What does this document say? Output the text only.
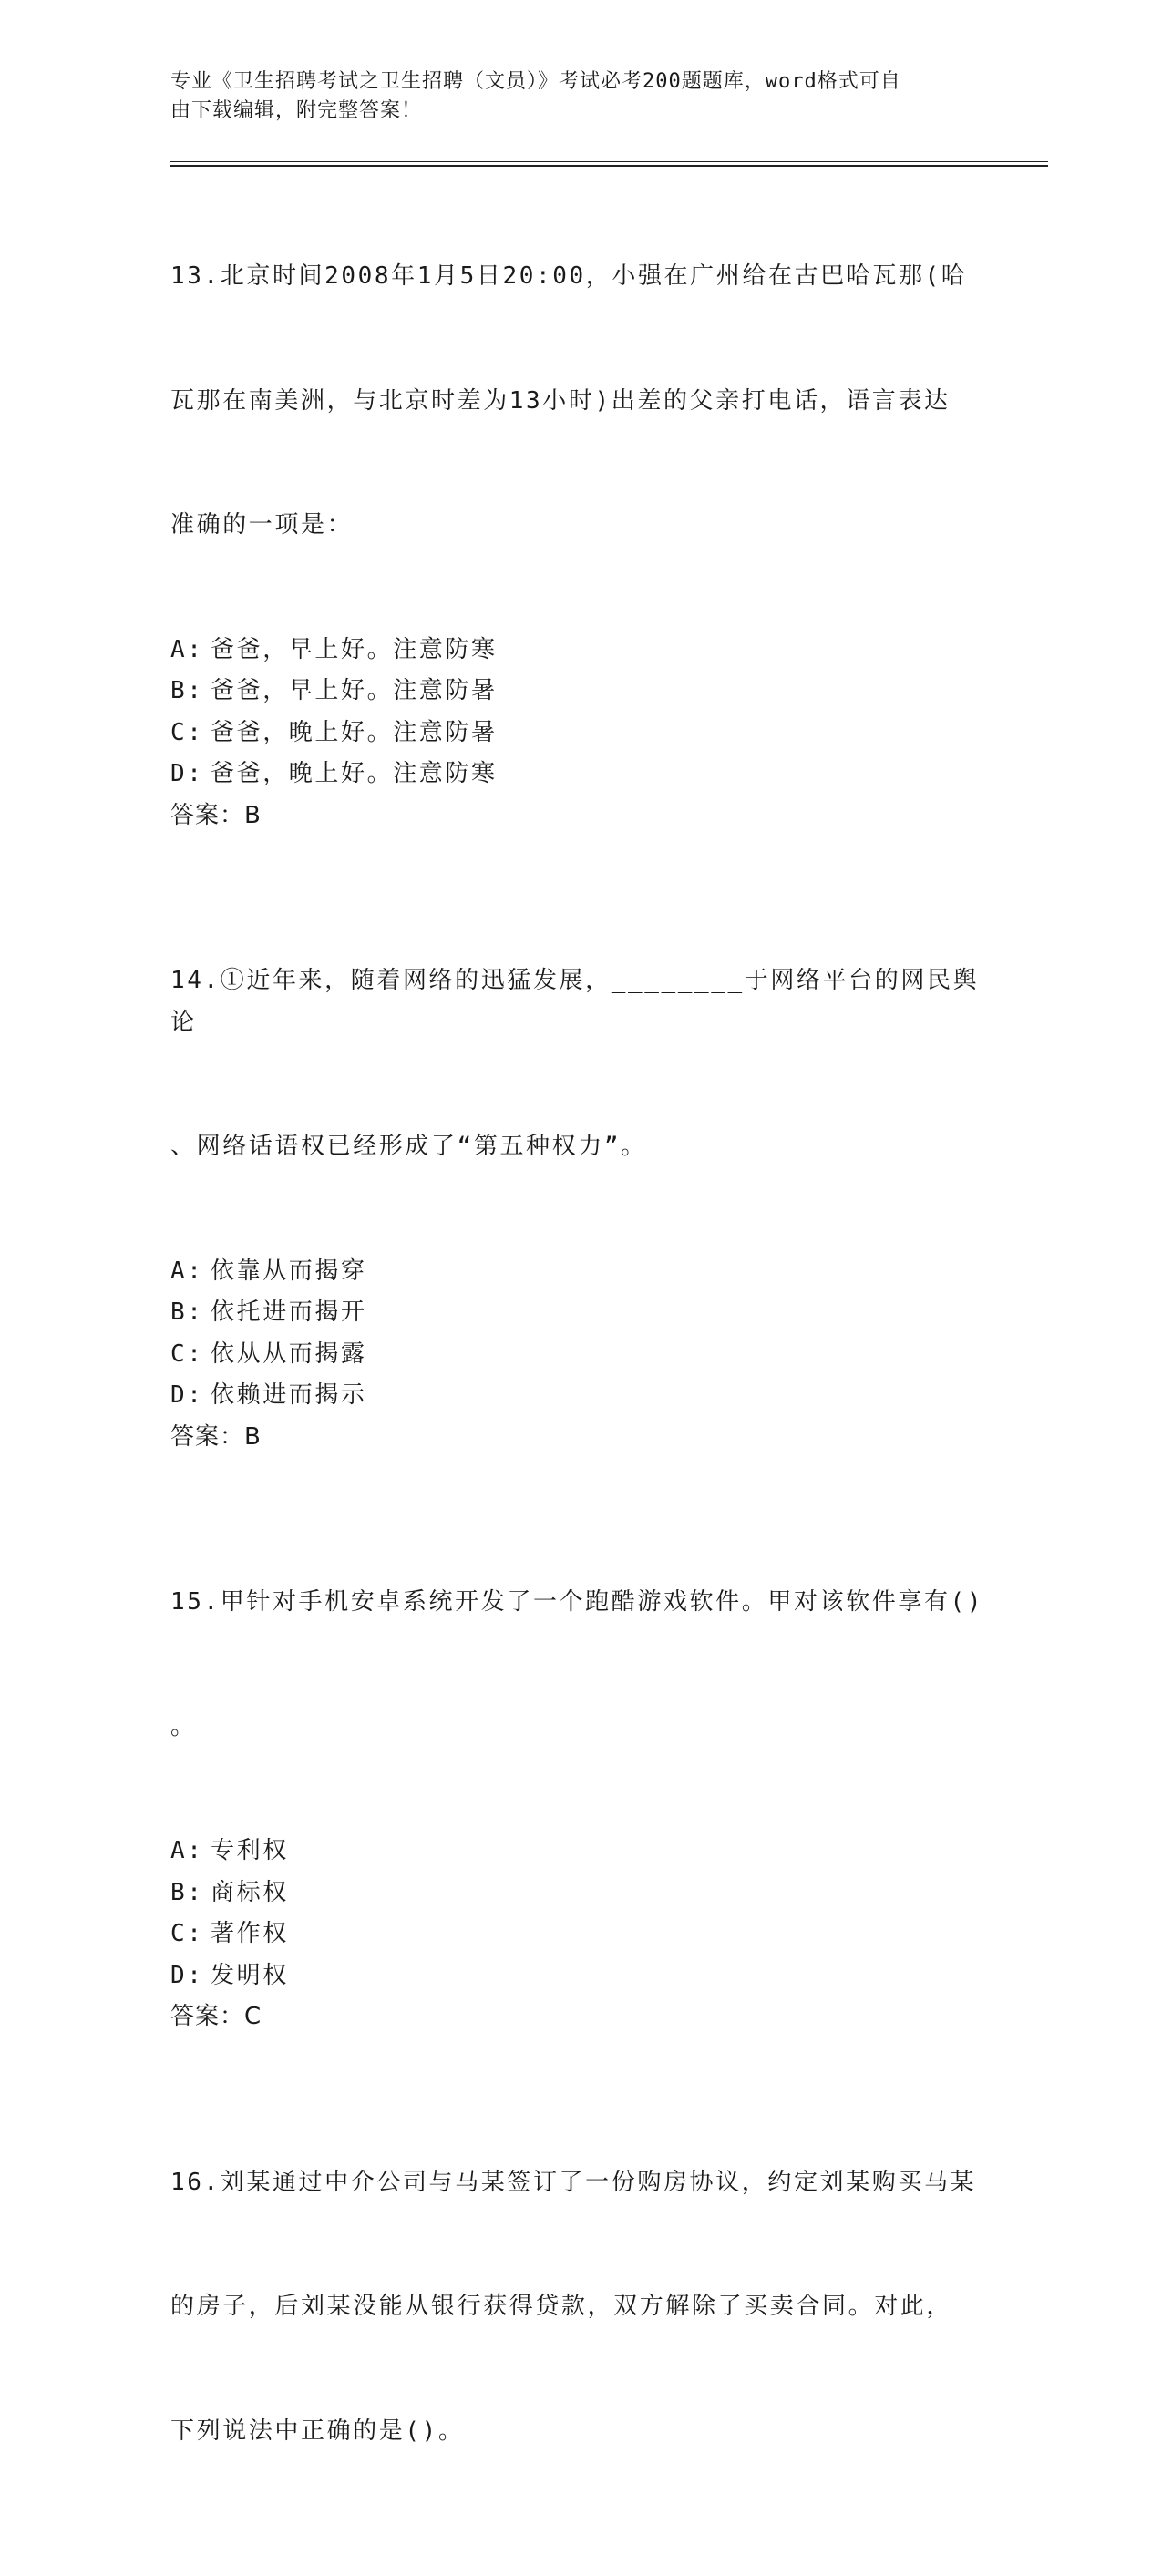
专业《卫生招聘考试之卫生招聘（文员）》考试必考200题题库，word格式可自
由下载编辑，附完整答案！

13.北京时间2008年1月5日20:00，小强在广州给在古巴哈瓦那(哈

瓦那在南美洲，与北京时差为13小时)出差的父亲打电话，语言表达

准确的一项是：

A: 爸爸，早上好。注意防寒
B: 爸爸，早上好。注意防暑
C: 爸爸，晚上好。注意防暑
D: 爸爸，晚上好。注意防寒
答案：B

14.①近年来，随着网络的迅猛发展，________于网络平台的网民舆论

、网络话语权已经形成了“第五种权力”。

A: 依靠从而揭穿
B: 依托进而揭开
C: 依从从而揭露
D: 依赖进而揭示
答案：B

15.甲针对手机安卓系统开发了一个跑酷游戏软件。甲对该软件享有()

。

A: 专利权
B: 商标权
C: 著作权
D: 发明权
答案：C

16.刘某通过中介公司与马某签订了一份购房协议，约定刘某购买马某

的房子，后刘某没能从银行获得贷款，双方解除了买卖合同。对此，

下列说法中正确的是()。
